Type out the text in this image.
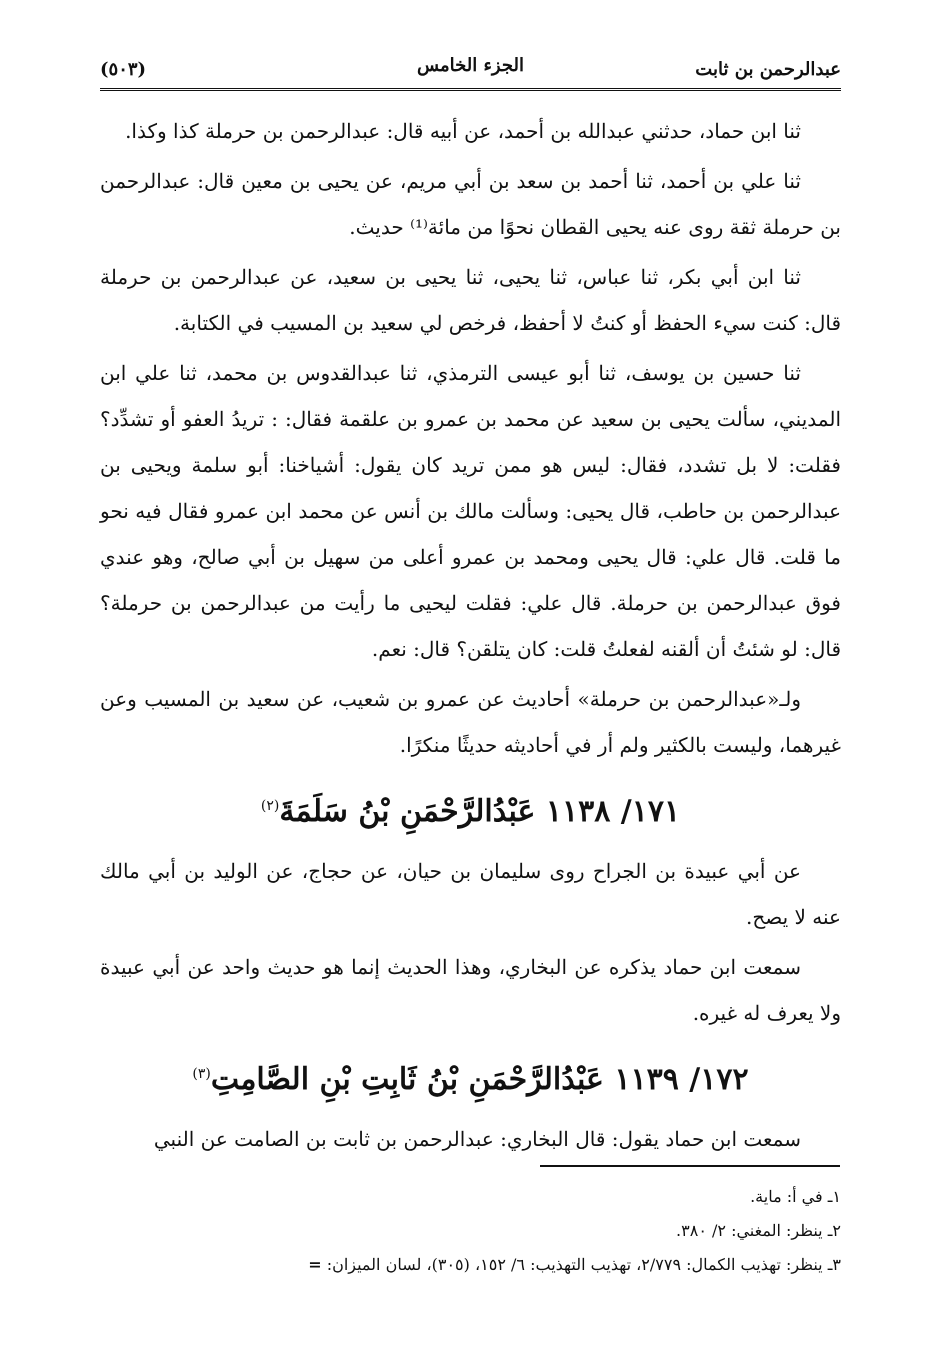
عبدالرحمن بن ثابت
الجزء الخامس
(٥٠٣)

ثنا ابن حماد، حدثني عبدالله بن أحمد، عن أبيه قال: عبدالرحمن بن حرملة كذا وكذا.

ثنا علي بن أحمد، ثنا أحمد بن سعد بن أبي مريم، عن يحيى بن معين قال: عبدالرحمن بن حرملة ثقة روى عنه يحيى القطان نحوًا من مائة⁽¹⁾ حديث.

ثنا ابن أبي بكر، ثنا عباس، ثنا يحيى، ثنا يحيى بن سعيد، عن عبدالرحمن بن حرملة قال: كنت سيء الحفظ أو كنتُ لا أحفظ، فرخص لي سعيد بن المسيب في الكتابة.

ثنا حسين بن يوسف، ثنا أبو عيسى الترمذي، ثنا عبدالقدوس بن محمد، ثنا علي ابن المديني، سألت يحيى بن سعيد عن محمد بن عمرو بن علقمة فقال: : تريدُ العفو أو تشدِّد؟ فقلت: لا بل تشدد، فقال: ليس هو ممن تريد كان يقول: أشياخنا: أبو سلمة ويحيى بن عبدالرحمن بن حاطب، قال يحيى: وسألت مالك بن أنس عن محمد ابن عمرو فقال فيه نحو ما قلت. قال علي: قال يحيى ومحمد بن عمرو أعلى من سهيل بن أبي صالح، وهو عندي فوق عبدالرحمن بن حرملة. قال علي: فقلت ليحيى ما رأيت من عبدالرحمن بن حرملة؟ قال: لو شئتُ أن ألقنه لفعلتُ قلت: كان يتلقن؟ قال: نعم.

ولـ«عبدالرحمن بن حرملة» أحاديث عن عمرو بن شعيب، عن سعيد بن المسيب وعن غيرهما، وليست بالكثير ولم أر في أحاديثه حديثًا منكرًا.

١٧١/ ١١٣٨ عَبْدُالرَّحْمَنِ بْنُ سَلَمَةَ$^{(٢)}$

عن أبي عبيدة بن الجراح روى سليمان بن حيان، عن حجاج، عن الوليد بن أبي مالك عنه لا يصح.

سمعت ابن حماد يذكره عن البخاري، وهذا الحديث إنما هو حديث واحد عن أبي عبيدة ولا يعرف له غيره.

١٧٢/ ١١٣٩ عَبْدُالرَّحْمَنِ بْنُ ثَابِتِ بْنِ الصَّامِتِ$^{(٣)}$

سمعت ابن حماد يقول: قال البخاري: عبدالرحمن بن ثابت بن الصامت عن النبي

١ـ في أ: ماية.
٢ـ ينظر: المغني: ٢/ ٣٨٠.
٣ـ ينظر: تهذيب الكمال: ٢/٧٧٩، تهذيب التهذيب: ٦/ ١٥٢، (٣٠٥)، لسان الميزان: =
